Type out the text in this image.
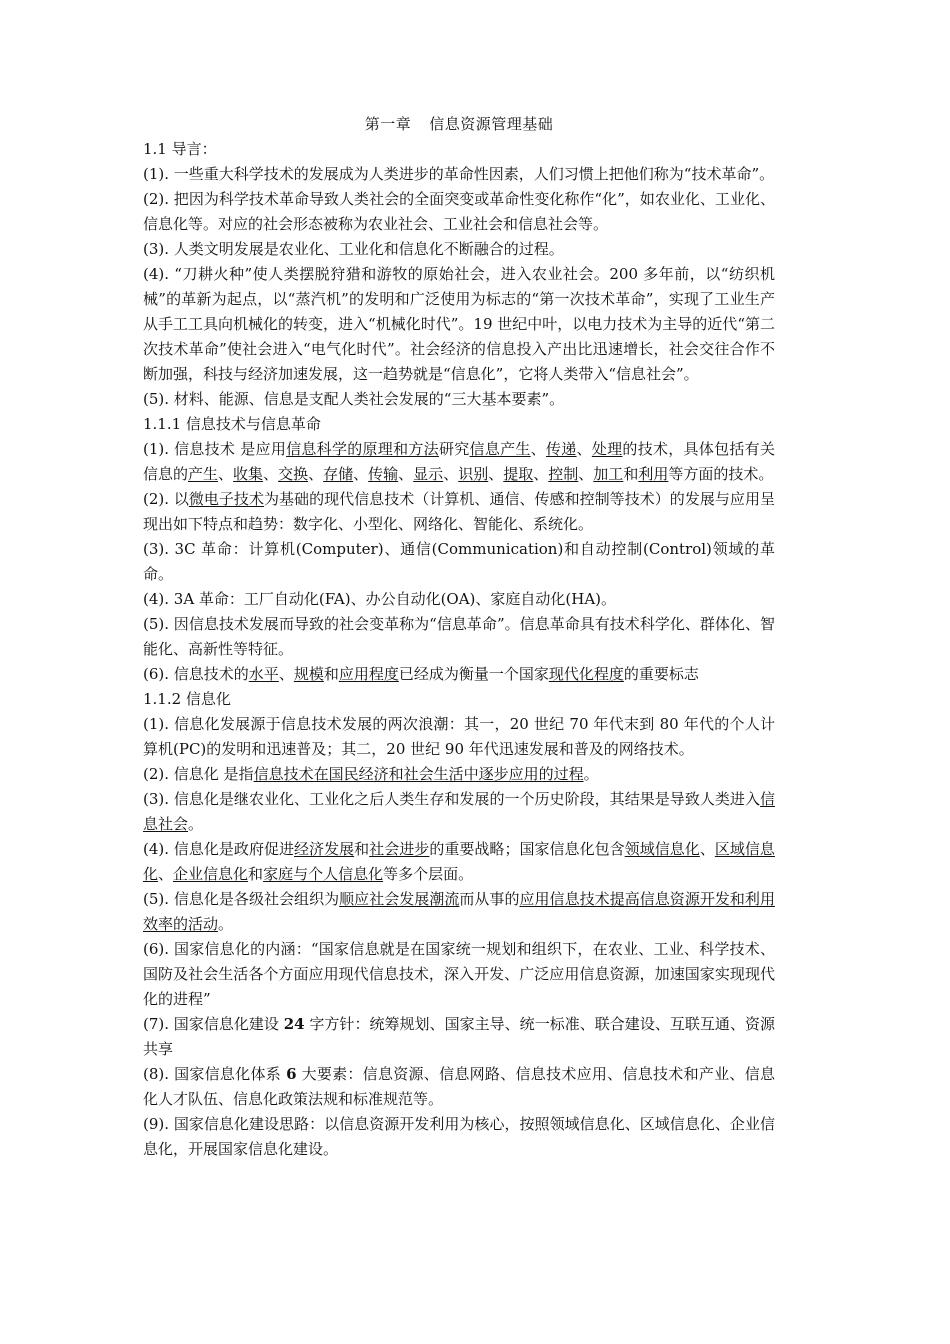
第一章 信息资源管理基础
1.1 导言：
(1). 一些重大科学技术的发展成为人类进步的革命性因素，人们习惯上把他们称为“技术革命”。
(2). 把因为科学技术革命导致人类社会的全面突变或革命性变化称作“化”，如农业化、工业化、信息化等。对应的社会形态被称为农业社会、工业社会和信息社会等。
(3). 人类文明发展是农业化、工业化和信息化不断融合的过程。
(4). “刀耕火种”使人类摆脱狩猎和游牧的原始社会，进入农业社会。200 多年前，以“纺织机械”的革新为起点，以“蒸汽机”的发明和广泛使用为标志的“第一次技术革命”，实现了工业生产从手工工具向机械化的转变，进入“机械化时代”。19 世纪中叶，以电力技术为主导的近代“第二次技术革命”使社会进入“电气化时代”。社会经济的信息投入产出比迅速增长，社会交往合作不断加强，科技与经济加速发展，这一趋势就是“信息化”，它将人类带入“信息社会”。
(5). 材料、能源、信息是支配人类社会发展的“三大基本要素”。
1.1.1 信息技术与信息革命
(1). 信息技术 是应用信息科学的原理和方法研究信息产生、传递、处理的技术，具体包括有关信息的产生、收集、交换、存储、传输、显示、识别、提取、控制、加工和利用等方面的技术。
(2). 以微电子技术为基础的现代信息技术（计算机、通信、传感和控制等技术）的发展与应用呈现出如下特点和趋势：数字化、小型化、网络化、智能化、系统化。
(3). 3C 革命：计算机(Computer)、通信(Communication)和自动控制(Control)领域的革命。
(4). 3A 革命：工厂自动化(FA)、办公自动化(OA)、家庭自动化(HA)。
(5). 因信息技术发展而导致的社会变革称为“信息革命”。信息革命具有技术科学化、群体化、智能化、高新性等特征。
(6). 信息技术的水平、规模和应用程度已经成为衡量一个国家现代化程度的重要标志
1.1.2 信息化
(1). 信息化发展源于信息技术发展的两次浪潮：其一，20 世纪 70 年代末到 80 年代的个人计算机(PC)的发明和迅速普及；其二，20 世纪 90 年代迅速发展和普及的网络技术。
(2). 信息化 是指信息技术在国民经济和社会生活中逐步应用的过程。
(3). 信息化是继农业化、工业化之后人类生存和发展的一个历史阶段，其结果是导致人类进入信息社会。
(4). 信息化是政府促进经济发展和社会进步的重要战略；国家信息化包含领域信息化、区域信息化、企业信息化和家庭与个人信息化等多个层面。
(5). 信息化是各级社会组织为顺应社会发展潮流而从事的应用信息技术提高信息资源开发和利用效率的活动。
(6). 国家信息化的内涵：“国家信息就是在国家统一规划和组织下，在农业、工业、科学技术、国防及社会生活各个方面应用现代信息技术，深入开发、广泛应用信息资源，加速国家实现现代化的进程”
(7). 国家信息化建设 24 字方针：统筹规划、国家主导、统一标准、联合建设、互联互通、资源共享
(8). 国家信息化体系 6 大要素：信息资源、信息网路、信息技术应用、信息技术和产业、信息化人才队伍、信息化政策法规和标准规范等。
(9). 国家信息化建设思路：以信息资源开发利用为核心，按照领域信息化、区域信息化、企业信息化，开展国家信息化建设。
